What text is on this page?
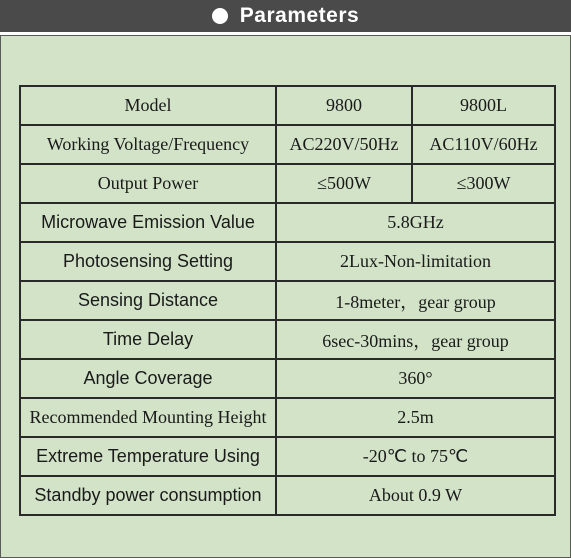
Parameters
Model	9800	9800L
Working Voltage/Frequency	AC220V/50Hz	AC110V/60Hz
Output Power	≤500W	≤300W
Microwave Emission Value	5.8GHz	
Photosensing Setting	2Lux-Non-limitation	
Sensing Distance	1-8meter，gear group	
Time Delay	6sec-30mins，gear group	
Angle Coverage	360°	
Recommended Mounting Height	2.5m	
Extreme Temperature Using	-20℃ to 75℃	
Standby power consumption	About 0.9 W	
